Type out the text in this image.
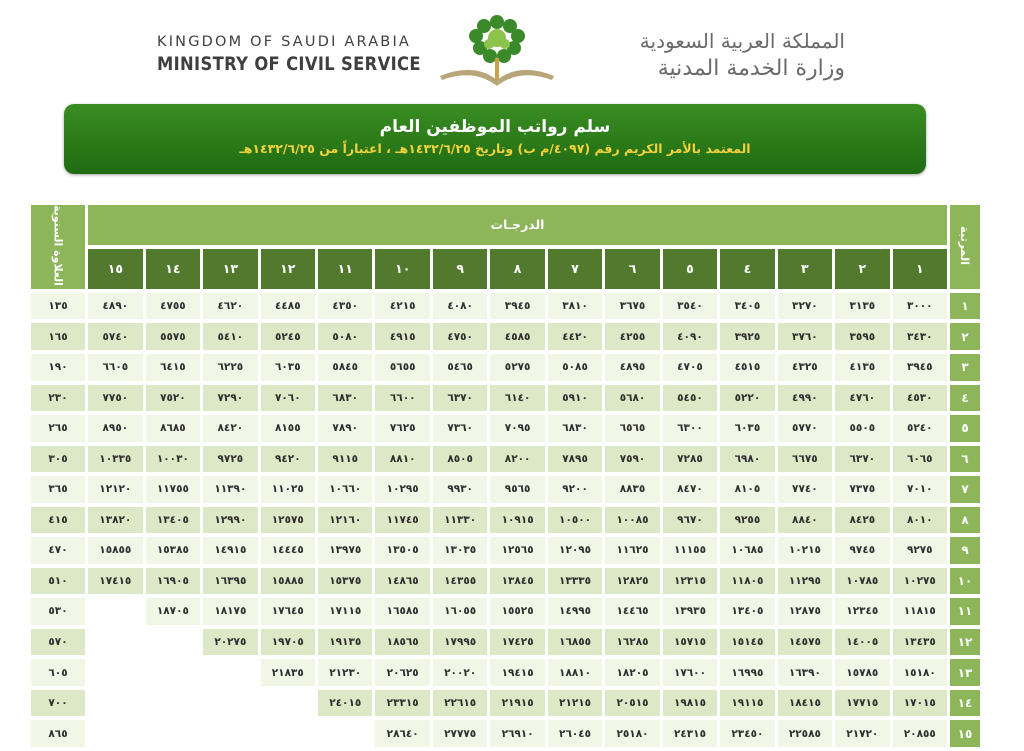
KINGDOM OF SAUDI ARABIA
MINISTRY OF CIVIL SERVICE
المملكة العربية السعودية
وزارة الخدمة المدنية
سلم رواتب الموظفين العام
المعتمد بالأمر الكريم رقم (٤٠٩٧/م ب) وتاريخ ١٤٣٢/٦/٢٥هـ ، اعتباراً من ١٤٣٢/٦/٢٥هـ
المرتبة	الدرجـات															العلاوة السنوية
	١	٢	٣	٤	٥	٦	٧	٨	٩	١٠	١١	١٢	١٣	١٤	١٥	
١	٣٠٠٠	٣١٣٥	٣٢٧٠	٣٤٠٥	٣٥٤٠	٣٦٧٥	٣٨١٠	٣٩٤٥	٤٠٨٠	٤٢١٥	٤٣٥٠	٤٤٨٥	٤٦٢٠	٤٧٥٥	٤٨٩٠	١٣٥
٢	٣٤٣٠	٣٥٩٥	٣٧٦٠	٣٩٢٥	٤٠٩٠	٤٢٥٥	٤٤٢٠	٤٥٨٥	٤٧٥٠	٤٩١٥	٥٠٨٠	٥٢٤٥	٥٤١٠	٥٥٧٥	٥٧٤٠	١٦٥
٣	٣٩٤٥	٤١٣٥	٤٣٢٥	٤٥١٥	٤٧٠٥	٤٨٩٥	٥٠٨٥	٥٢٧٥	٥٤٦٥	٥٦٥٥	٥٨٤٥	٦٠٣٥	٦٢٢٥	٦٤١٥	٦٦٠٥	١٩٠
٤	٤٥٣٠	٤٧٦٠	٤٩٩٠	٥٢٢٠	٥٤٥٠	٥٦٨٠	٥٩١٠	٦١٤٠	٦٣٧٠	٦٦٠٠	٦٨٣٠	٧٠٦٠	٧٢٩٠	٧٥٢٠	٧٧٥٠	٢٣٠
٥	٥٢٤٠	٥٥٠٥	٥٧٧٠	٦٠٣٥	٦٣٠٠	٦٥٦٥	٦٨٣٠	٧٠٩٥	٧٣٦٠	٧٦٢٥	٧٨٩٠	٨١٥٥	٨٤٢٠	٨٦٨٥	٨٩٥٠	٢٦٥
٦	٦٠٦٥	٦٣٧٠	٦٦٧٥	٦٩٨٠	٧٢٨٥	٧٥٩٠	٧٨٩٥	٨٢٠٠	٨٥٠٥	٨٨١٠	٩١١٥	٩٤٢٠	٩٧٢٥	١٠٠٣٠	١٠٣٣٥	٣٠٥
٧	٧٠١٠	٧٣٧٥	٧٧٤٠	٨١٠٥	٨٤٧٠	٨٨٣٥	٩٢٠٠	٩٥٦٥	٩٩٣٠	١٠٢٩٥	١٠٦٦٠	١١٠٢٥	١١٣٩٠	١١٧٥٥	١٢١٢٠	٣٦٥
٨	٨٠١٠	٨٤٢٥	٨٨٤٠	٩٢٥٥	٩٦٧٠	١٠٠٨٥	١٠٥٠٠	١٠٩١٥	١١٣٣٠	١١٧٤٥	١٢١٦٠	١٢٥٧٥	١٢٩٩٠	١٣٤٠٥	١٣٨٢٠	٤١٥
٩	٩٢٧٥	٩٧٤٥	١٠٢١٥	١٠٦٨٥	١١١٥٥	١١٦٢٥	١٢٠٩٥	١٢٥٦٥	١٣٠٣٥	١٣٥٠٥	١٣٩٧٥	١٤٤٤٥	١٤٩١٥	١٥٣٨٥	١٥٨٥٥	٤٧٠
١٠	١٠٢٧٥	١٠٧٨٥	١١٢٩٥	١١٨٠٥	١٢٣١٥	١٢٨٢٥	١٣٣٣٥	١٣٨٤٥	١٤٣٥٥	١٤٨٦٥	١٥٣٧٥	١٥٨٨٥	١٦٣٩٥	١٦٩٠٥	١٧٤١٥	٥١٠
١١	١١٨١٥	١٢٣٤٥	١٢٨٧٥	١٣٤٠٥	١٣٩٣٥	١٤٤٦٥	١٤٩٩٥	١٥٥٢٥	١٦٠٥٥	١٦٥٨٥	١٧١١٥	١٧٦٤٥	١٨١٧٥	١٨٧٠٥		٥٣٠
١٢	١٣٤٣٥	١٤٠٠٥	١٤٥٧٥	١٥١٤٥	١٥٧١٥	١٦٢٨٥	١٦٨٥٥	١٧٤٢٥	١٧٩٩٥	١٨٥٦٥	١٩١٣٥	١٩٧٠٥	٢٠٢٧٥			٥٧٠
١٣	١٥١٨٠	١٥٧٨٥	١٦٣٩٠	١٦٩٩٥	١٧٦٠٠	١٨٢٠٥	١٨٨١٠	١٩٤١٥	٢٠٠٢٠	٢٠٦٢٥	٢١٢٣٠	٢١٨٣٥				٦٠٥
١٤	١٧٠١٥	١٧٧١٥	١٨٤١٥	١٩١١٥	١٩٨١٥	٢٠٥١٥	٢١٢١٥	٢١٩١٥	٢٢٦١٥	٢٣٣١٥	٢٤٠١٥					٧٠٠
١٥	٢٠٨٥٥	٢١٧٢٠	٢٢٥٨٥	٢٣٤٥٠	٢٤٣١٥	٢٥١٨٠	٢٦٠٤٥	٢٦٩١٠	٢٧٧٧٥	٢٨٦٤٠						٨٦٥
